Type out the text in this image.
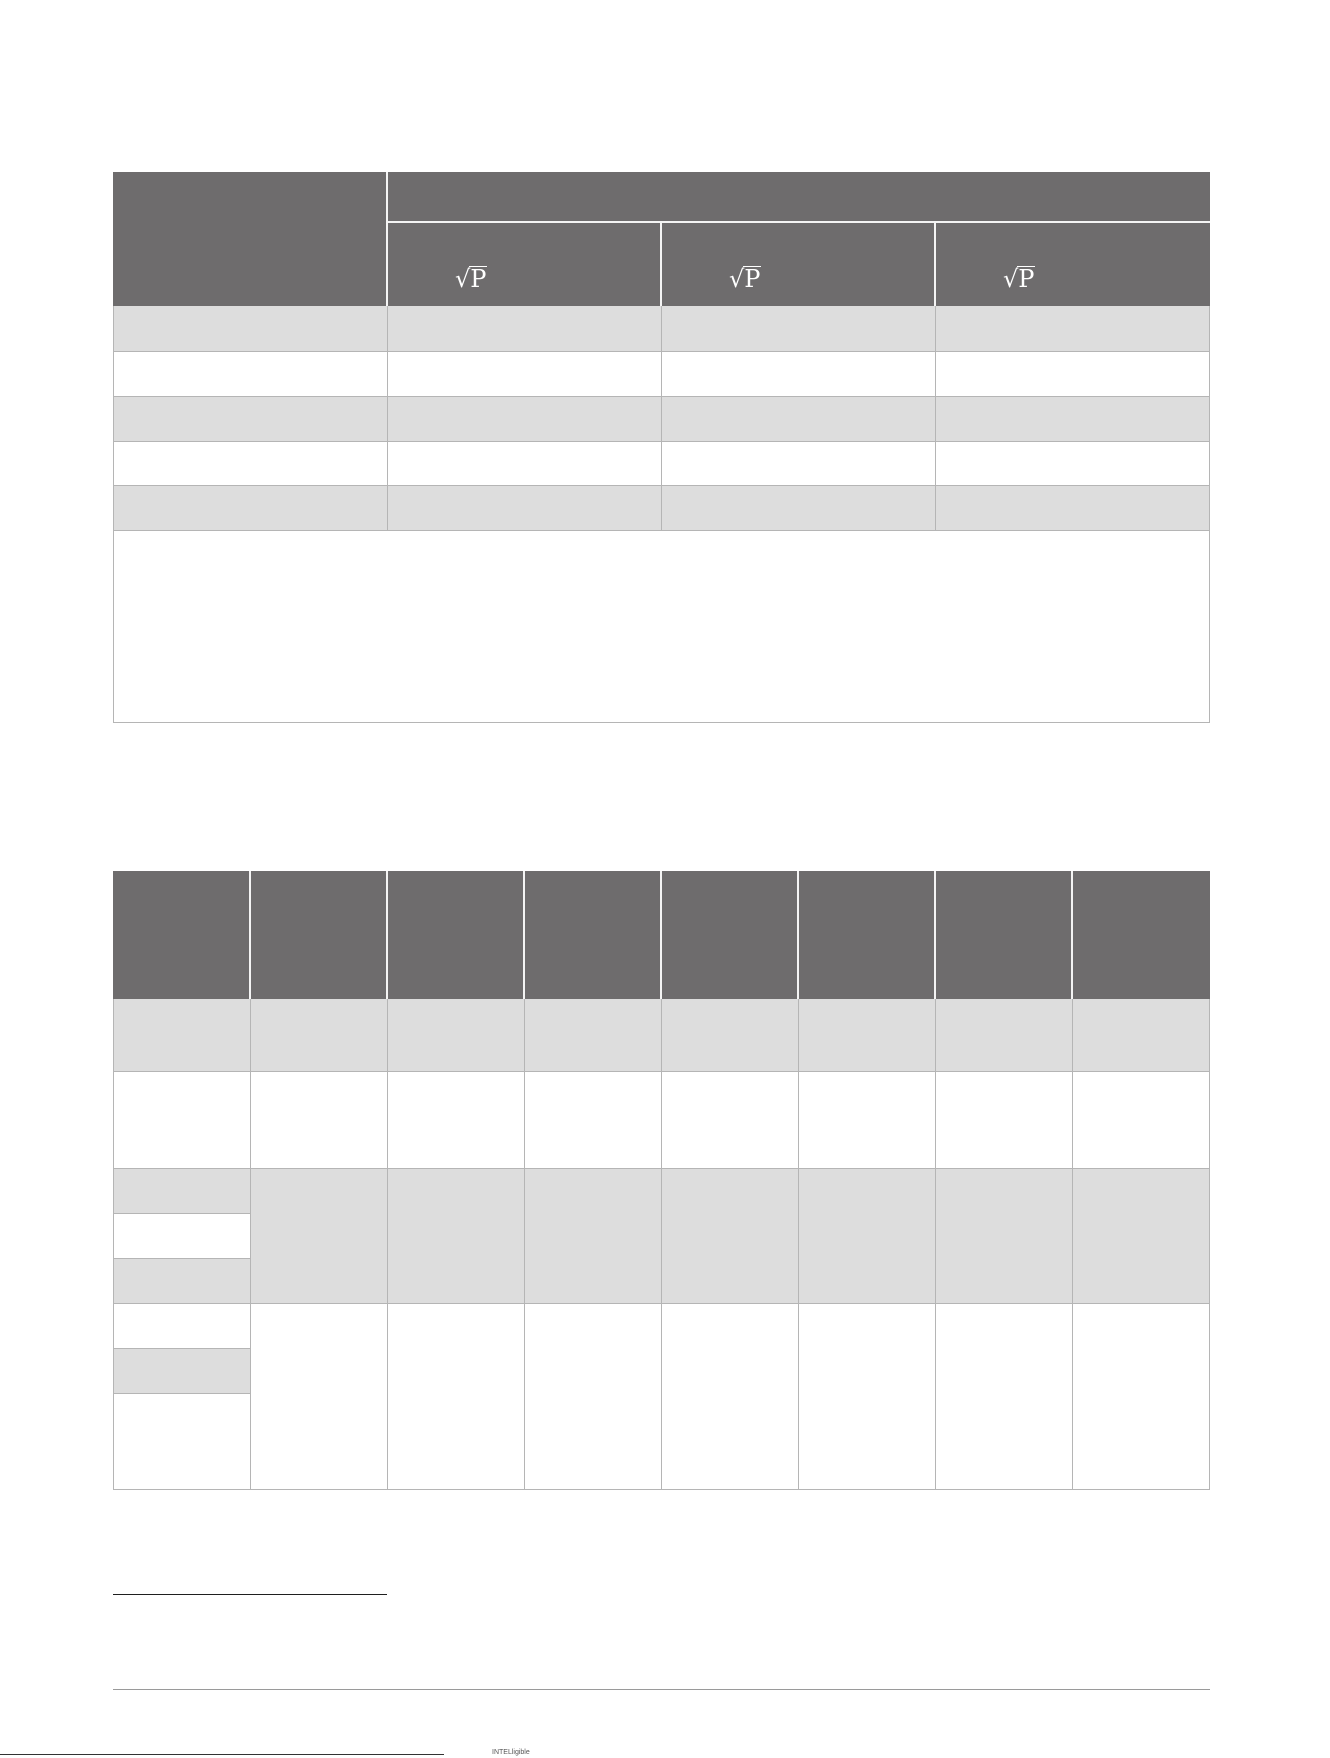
√P	√P	√P
INTELligible
